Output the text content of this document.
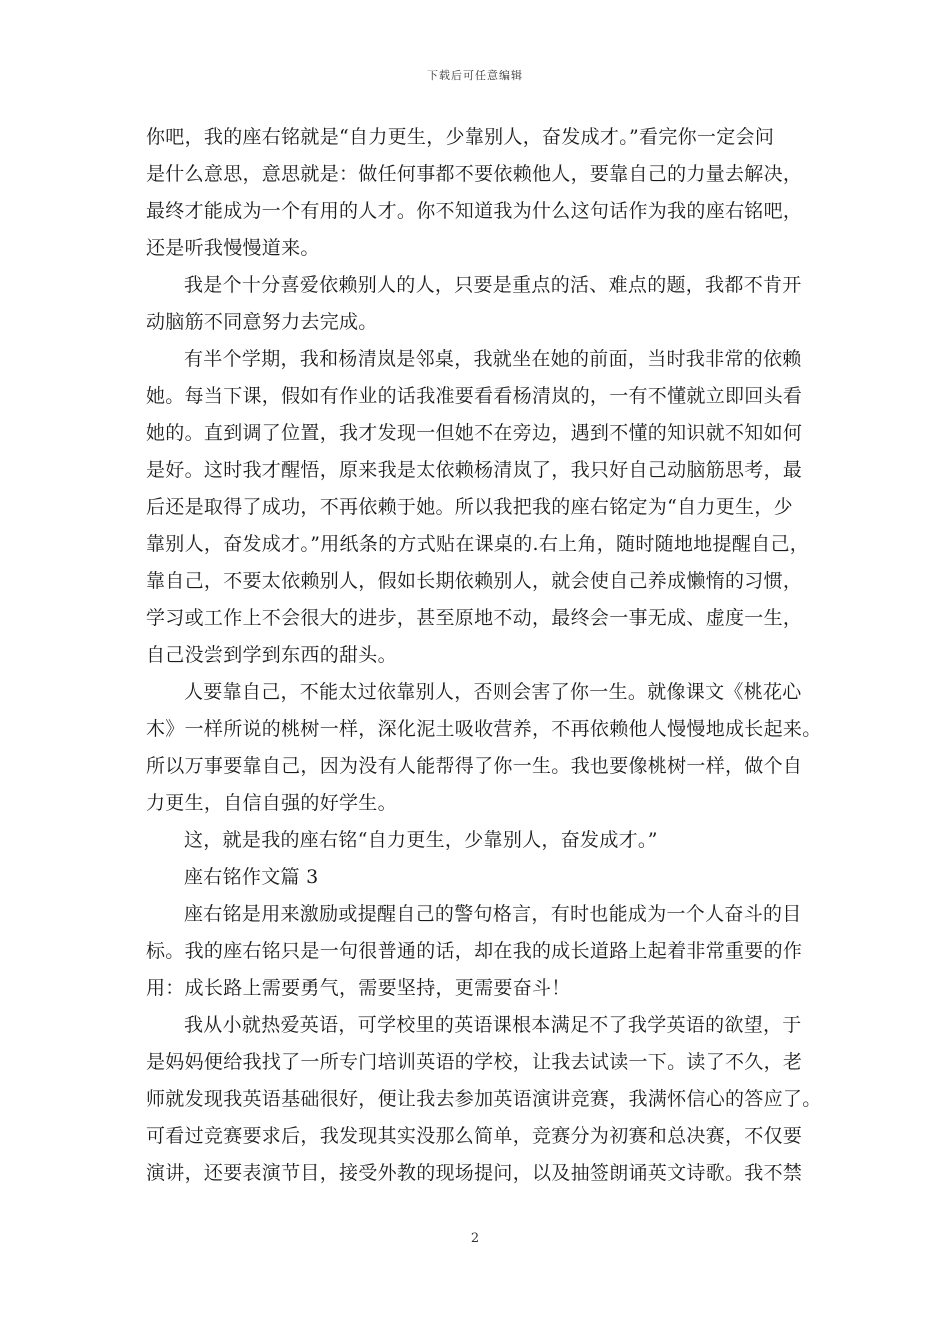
下载后可任意编辑
你吧，我的座右铭就是“自力更生，少靠别人，奋发成才。”看完你一定会问
是什么意思，意思就是：做任何事都不要依赖他人，要靠自己的力量去解决，
最终才能成为一个有用的人才。你不知道我为什么这句话作为我的座右铭吧，
还是听我慢慢道来。
我是个十分喜爱依赖别人的人，只要是重点的活、难点的题，我都不肯开
动脑筋不同意努力去完成。
有半个学期，我和杨清岚是邻桌，我就坐在她的前面，当时我非常的依赖
她。每当下课，假如有作业的话我准要看看杨清岚的，一有不懂就立即回头看
她的。直到调了位置，我才发现一但她不在旁边，遇到不懂的知识就不知如何
是好。这时我才醒悟，原来我是太依赖杨清岚了，我只好自己动脑筋思考，最
后还是取得了成功，不再依赖于她。所以我把我的座右铭定为“自力更生，少
靠别人，奋发成才。”用纸条的方式贴在课桌的.右上角，随时随地地提醒自己，
靠自己，不要太依赖别人，假如长期依赖别人，就会使自己养成懒惰的习惯，
学习或工作上不会很大的进步，甚至原地不动，最终会一事无成、虚度一生，
自己没尝到学到东西的甜头。
人要靠自己，不能太过依靠别人，否则会害了你一生。就像课文《桃花心
木》一样所说的桃树一样，深化泥土吸收营养，不再依赖他人慢慢地成长起来。
所以万事要靠自己，因为没有人能帮得了你一生。我也要像桃树一样，做个自
力更生，自信自强的好学生。
这，就是我的座右铭“自力更生，少靠别人，奋发成才。”
座右铭作文篇 3
座右铭是用来激励或提醒自己的警句格言，有时也能成为一个人奋斗的目
标。我的座右铭只是一句很普通的话，却在我的成长道路上起着非常重要的作
用：成长路上需要勇气，需要坚持，更需要奋斗！
我从小就热爱英语，可学校里的英语课根本满足不了我学英语的欲望，于
是妈妈便给我找了一所专门培训英语的学校，让我去试读一下。读了不久，老
师就发现我英语基础很好，便让我去参加英语演讲竞赛，我满怀信心的答应了。
可看过竞赛要求后，我发现其实没那么简单，竞赛分为初赛和总决赛，不仅要
演讲，还要表演节目，接受外教的现场提问，以及抽签朗诵英文诗歌。我不禁
2
